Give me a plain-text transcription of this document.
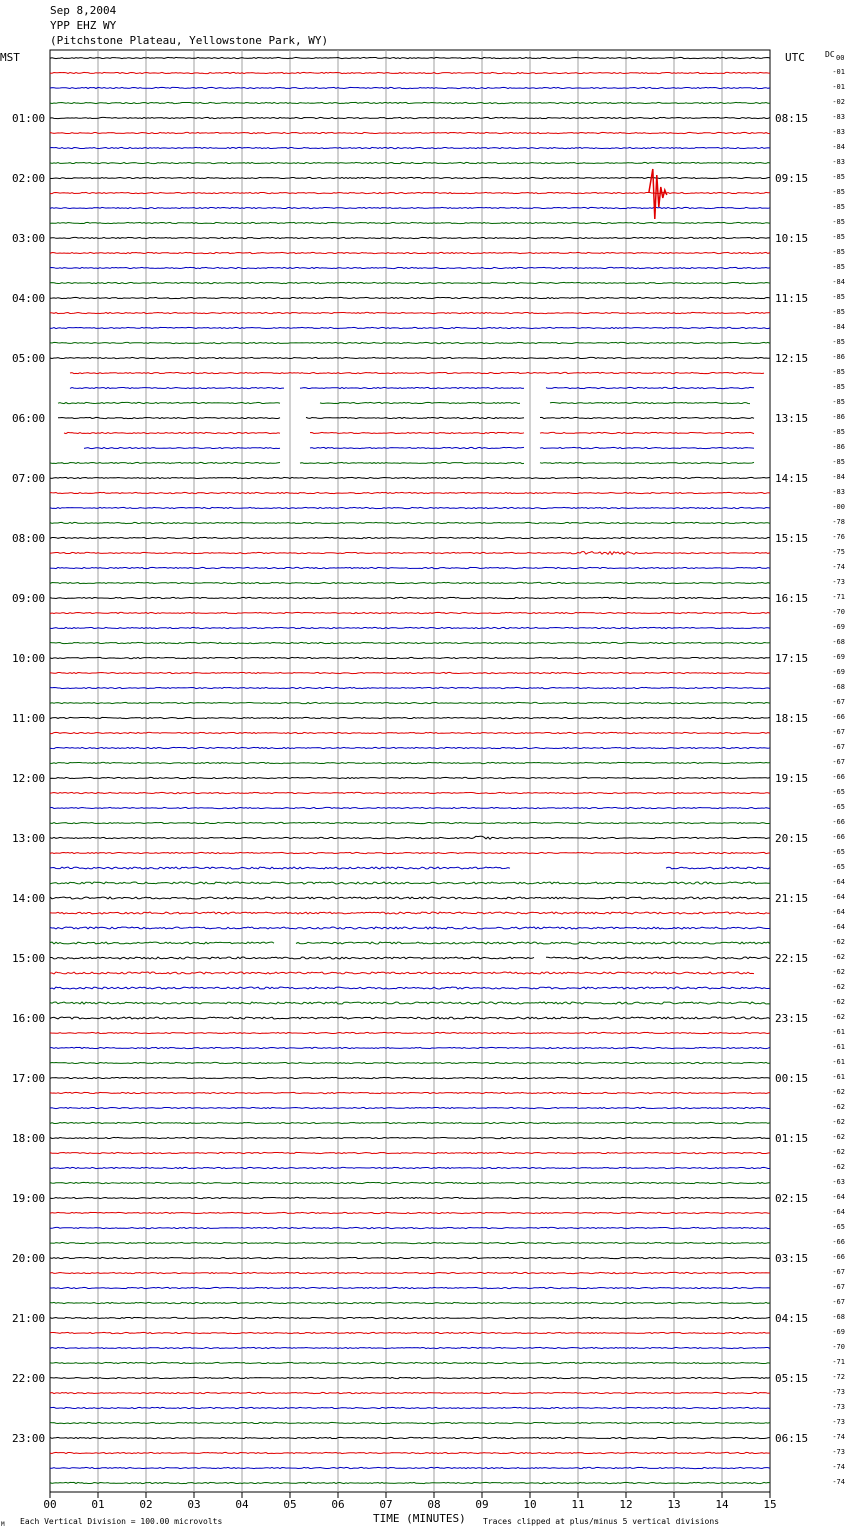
Sep 8,2004
YPP EHZ WY
(Pitchstone Plateau, Yellowstone Park, WY)
MST	UTC	DC 00
01:00
02:00
03:00
04:00
05:00
06:00
07:00
08:00
09:00
10:00
11:00
12:00
13:00
14:00
15:00
16:00
17:00
18:00
19:00
20:00
21:00
22:00
23:00
08:15
09:15
10:15
11:15
12:15
13:15
14:15
15:15
16:15
17:15
18:15
19:15
20:15
21:15
22:15
23:15
00:15
01:15
02:15
03:15
04:15
05:15
06:15
-01
-01
-02
-83
-83
-84
-83
-85
-85
-85
-85
-85
-85
-85
-84
-85
-85
-84
-85
-86
-85
-85
-85
-86
-85
-86
-85
-84
-83
-00
-78
-76
-75
-74
-73
-71
-70
-69
-68
-69
-69
-68
-67
-66
-67
-67
-67
-66
-65
-65
-66
-66
-65
-65
-64
-64
-64
-64
-62
-62
-62
-62
-62
-62
-61
-61
-61
-61
-62
-62
-62
-62
-62
-62
-63
-64
-64
-65
-66
-66
-67
-67
-67
-68
-69
-70
-71
-72
-73
-73
-73
-74
-73
-74
-74
00	01	02	03	04	05	06	07	08	09	10	11	12	13	14	15
M Each Vertical Division = 100.00 microvolts	TIME (MINUTES) Traces clipped at plus/minus 5 vertical divisions
